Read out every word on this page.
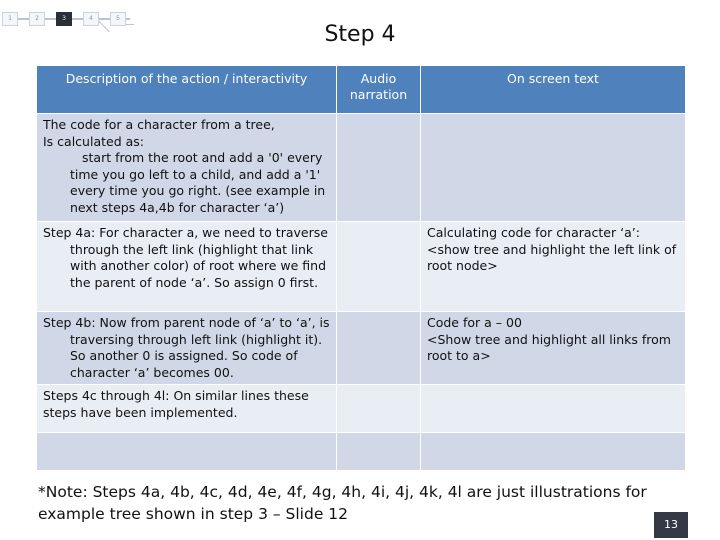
1	2	3	4	5
Step 4
Description of the action / interactivity	Audio narration	On screen text

The code for a character from a tree,
Is calculated as:
start from the root and add a '0' every time you go left to a child, and add a '1' every time you go right. (see example in next steps 4a,4b for character ‘a’)		

Step 4a: For character a, we need to traverse through the left link (highlight that link with another color) of root where we find the parent of node ‘a’. So assign 0 first.		Calculating code for character ‘a’:
<show tree and highlight the left link of root node>

Step 4b: Now from parent node of ‘a’ to ‘a’, is traversing through left link (highlight it). So another 0 is assigned. So code of character ‘a’ becomes 00.		Code for a – 00
<Show tree and highlight all links from root to a>

Steps 4c through 4l: On similar lines these steps have been implemented.		

*Note: Steps 4a, 4b, 4c, 4d, 4e, 4f, 4g, 4h, 4i, 4j, 4k, 4l are just illustrations for example tree shown in step 3 – Slide 12
13
